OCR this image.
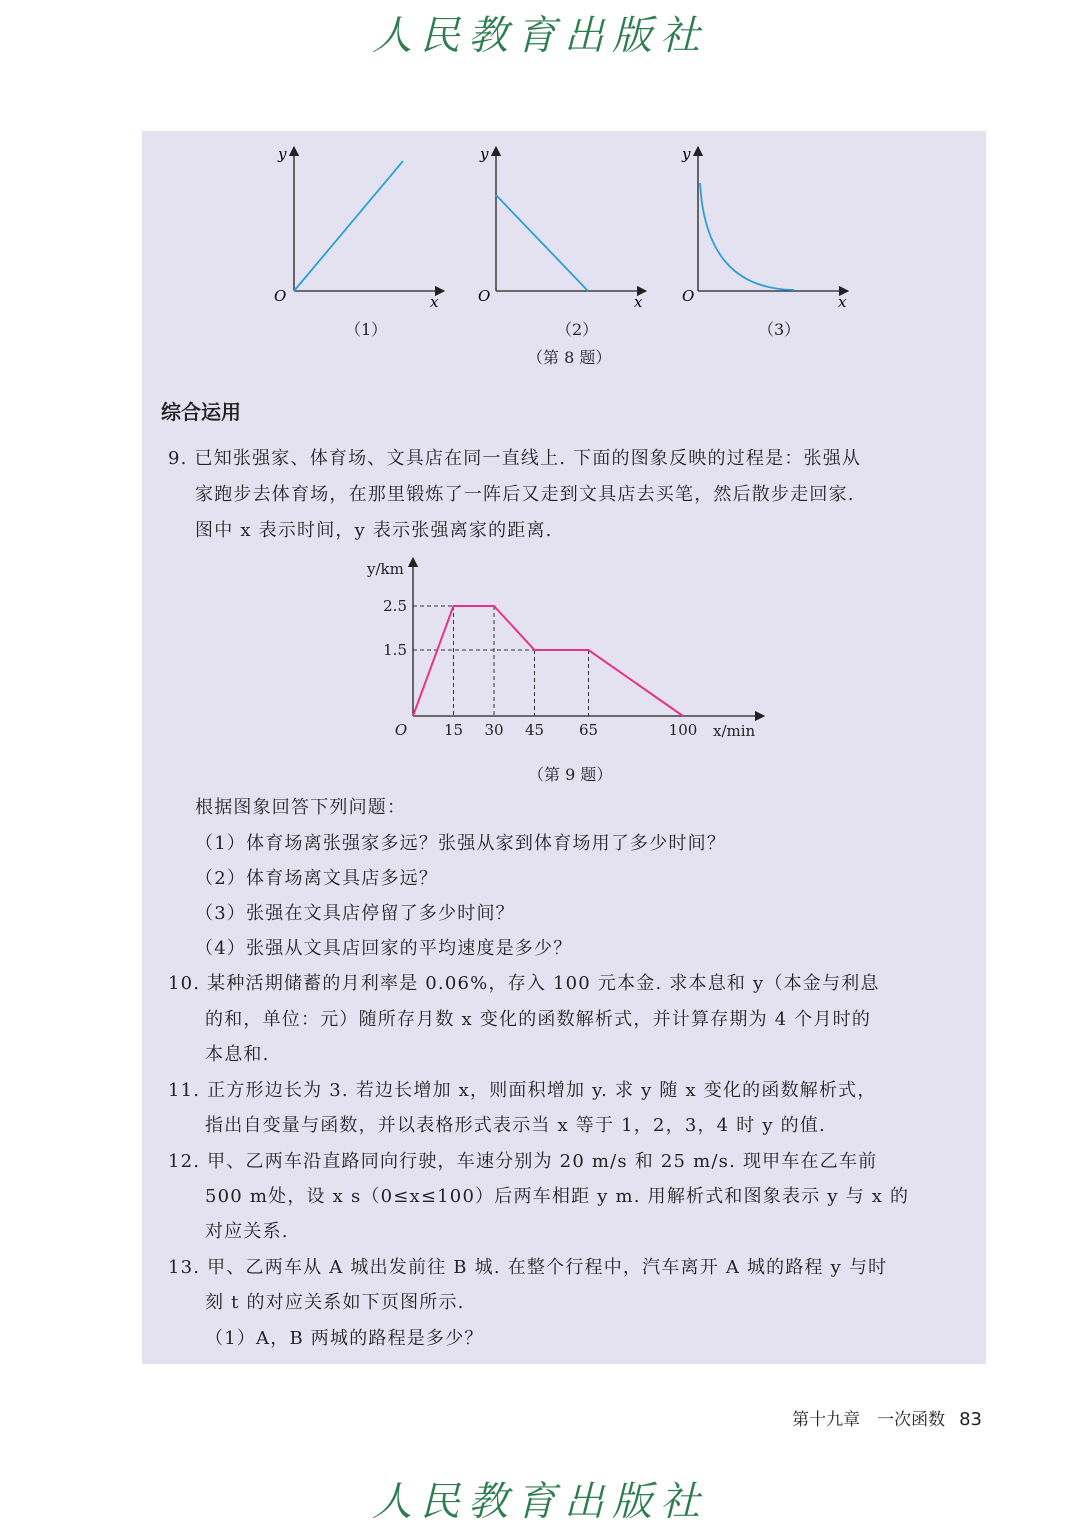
人民教育出版社
y
O	x
（1）
y
O	x
（2）
y
O	x
（3）
（第 8 题）
综合运用
9. 已知张强家、体育场、文具店在同一直线上. 下面的图象反映的过程是：张强从
家跑步去体育场，在那里锻炼了一阵后又走到文具店去买笔，然后散步走回家.
图中 x 表示时间，y 表示张强离家的距离.
15 30 45 65	100
1.5
2.5
O
y/km
x/min
（第 9 题）
根据图象回答下列问题：
（1）体育场离张强家多远？张强从家到体育场用了多少时间？
（2）体育场离文具店多远？
（3）张强在文具店停留了多少时间？
（4）张强从文具店回家的平均速度是多少？
10. 某种活期储蓄的月利率是 0.06%，存入 100 元本金. 求本息和 y（本金与利息
的和，单位：元）随所存月数 x 变化的函数解析式，并计算存期为 4 个月时的
本息和.
11. 正方形边长为 3. 若边长增加 x，则面积增加 y. 求 y 随 x 变化的函数解析式，
指出自变量与函数，并以表格形式表示当 x 等于 1，2，3，4 时 y 的值.
12. 甲、乙两车沿直路同向行驶，车速分别为 20 m/s 和 25 m/s. 现甲车在乙车前
500 m处，设 x s（0≤x≤100）后两车相距 y m. 用解析式和图象表示 y 与 x 的
对应关系.
13. 甲、乙两车从 A 城出发前往 B 城. 在整个行程中，汽车离开 A 城的路程 y 与时
刻 t 的对应关系如下页图所示.
（1）A，B 两城的路程是多少？
第十九章　一次函数 83
人民教育出版社
